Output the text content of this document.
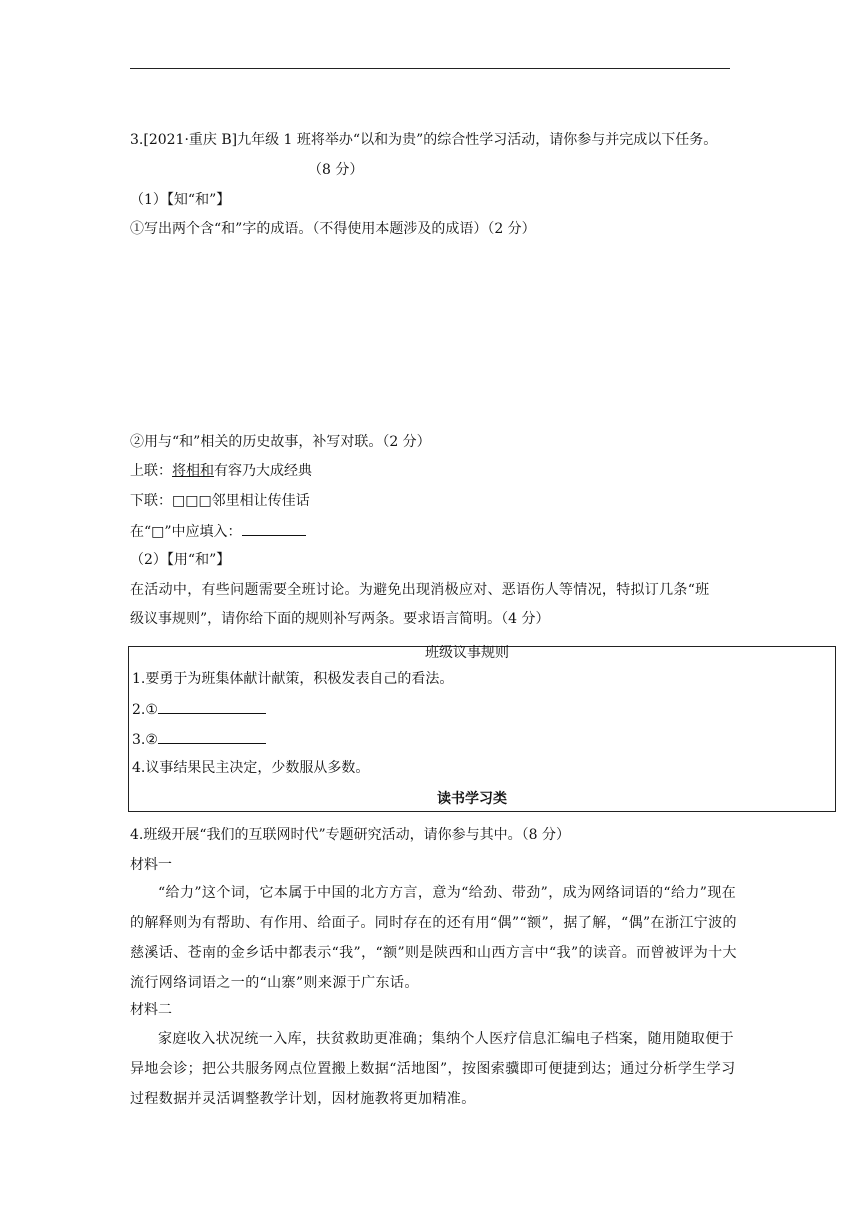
3.[2021·重庆 B]九年级 1 班将举办“以和为贵”的综合性学习活动，请你参与并完成以下任务。
（8 分）
（1）【知“和”】
①写出两个含“和”字的成语。（不得使用本题涉及的成语）（2 分）
②用与“和”相关的历史故事，补写对联。（2 分）
上联：将相和有容乃大成经典
下联：□□□邻里相让传佳话
在“□”中应填入：
（2）【用“和”】
在活动中，有些问题需要全班讨论。为避免出现消极应对、恶语伤人等情况，特拟订几条“班
级议事规则”，请你给下面的规则补写两条。要求语言简明。（4 分）
班级议事规则
1.要勇于为班集体献计献策，积极发表自己的看法。
2.①
3.②
4.议事结果民主决定，少数服从多数。
读书学习类
4.班级开展“我们的互联网时代”专题研究活动，请你参与其中。（8 分）
材料一
“给力”这个词，它本属于中国的北方方言，意为“给劲、带劲”，成为网络词语的“给力”现在的解释则为有帮助、有作用、给面子。同时存在的还有用“偶”“额”，据了解，“偶”在浙江宁波的慈溪话、苍南的金乡话中都表示“我”，“额”则是陕西和山西方言中“我”的读音。而曾被评为十大流行网络词语之一的“山寨”则来源于广东话。
材料二
家庭收入状况统一入库，扶贫救助更准确；集纳个人医疗信息汇编电子档案，随用随取便于异地会诊；把公共服务网点位置搬上数据“活地图”，按图索骥即可便捷到达；通过分析学生学习过程数据并灵活调整教学计划，因材施教将更加精准。
